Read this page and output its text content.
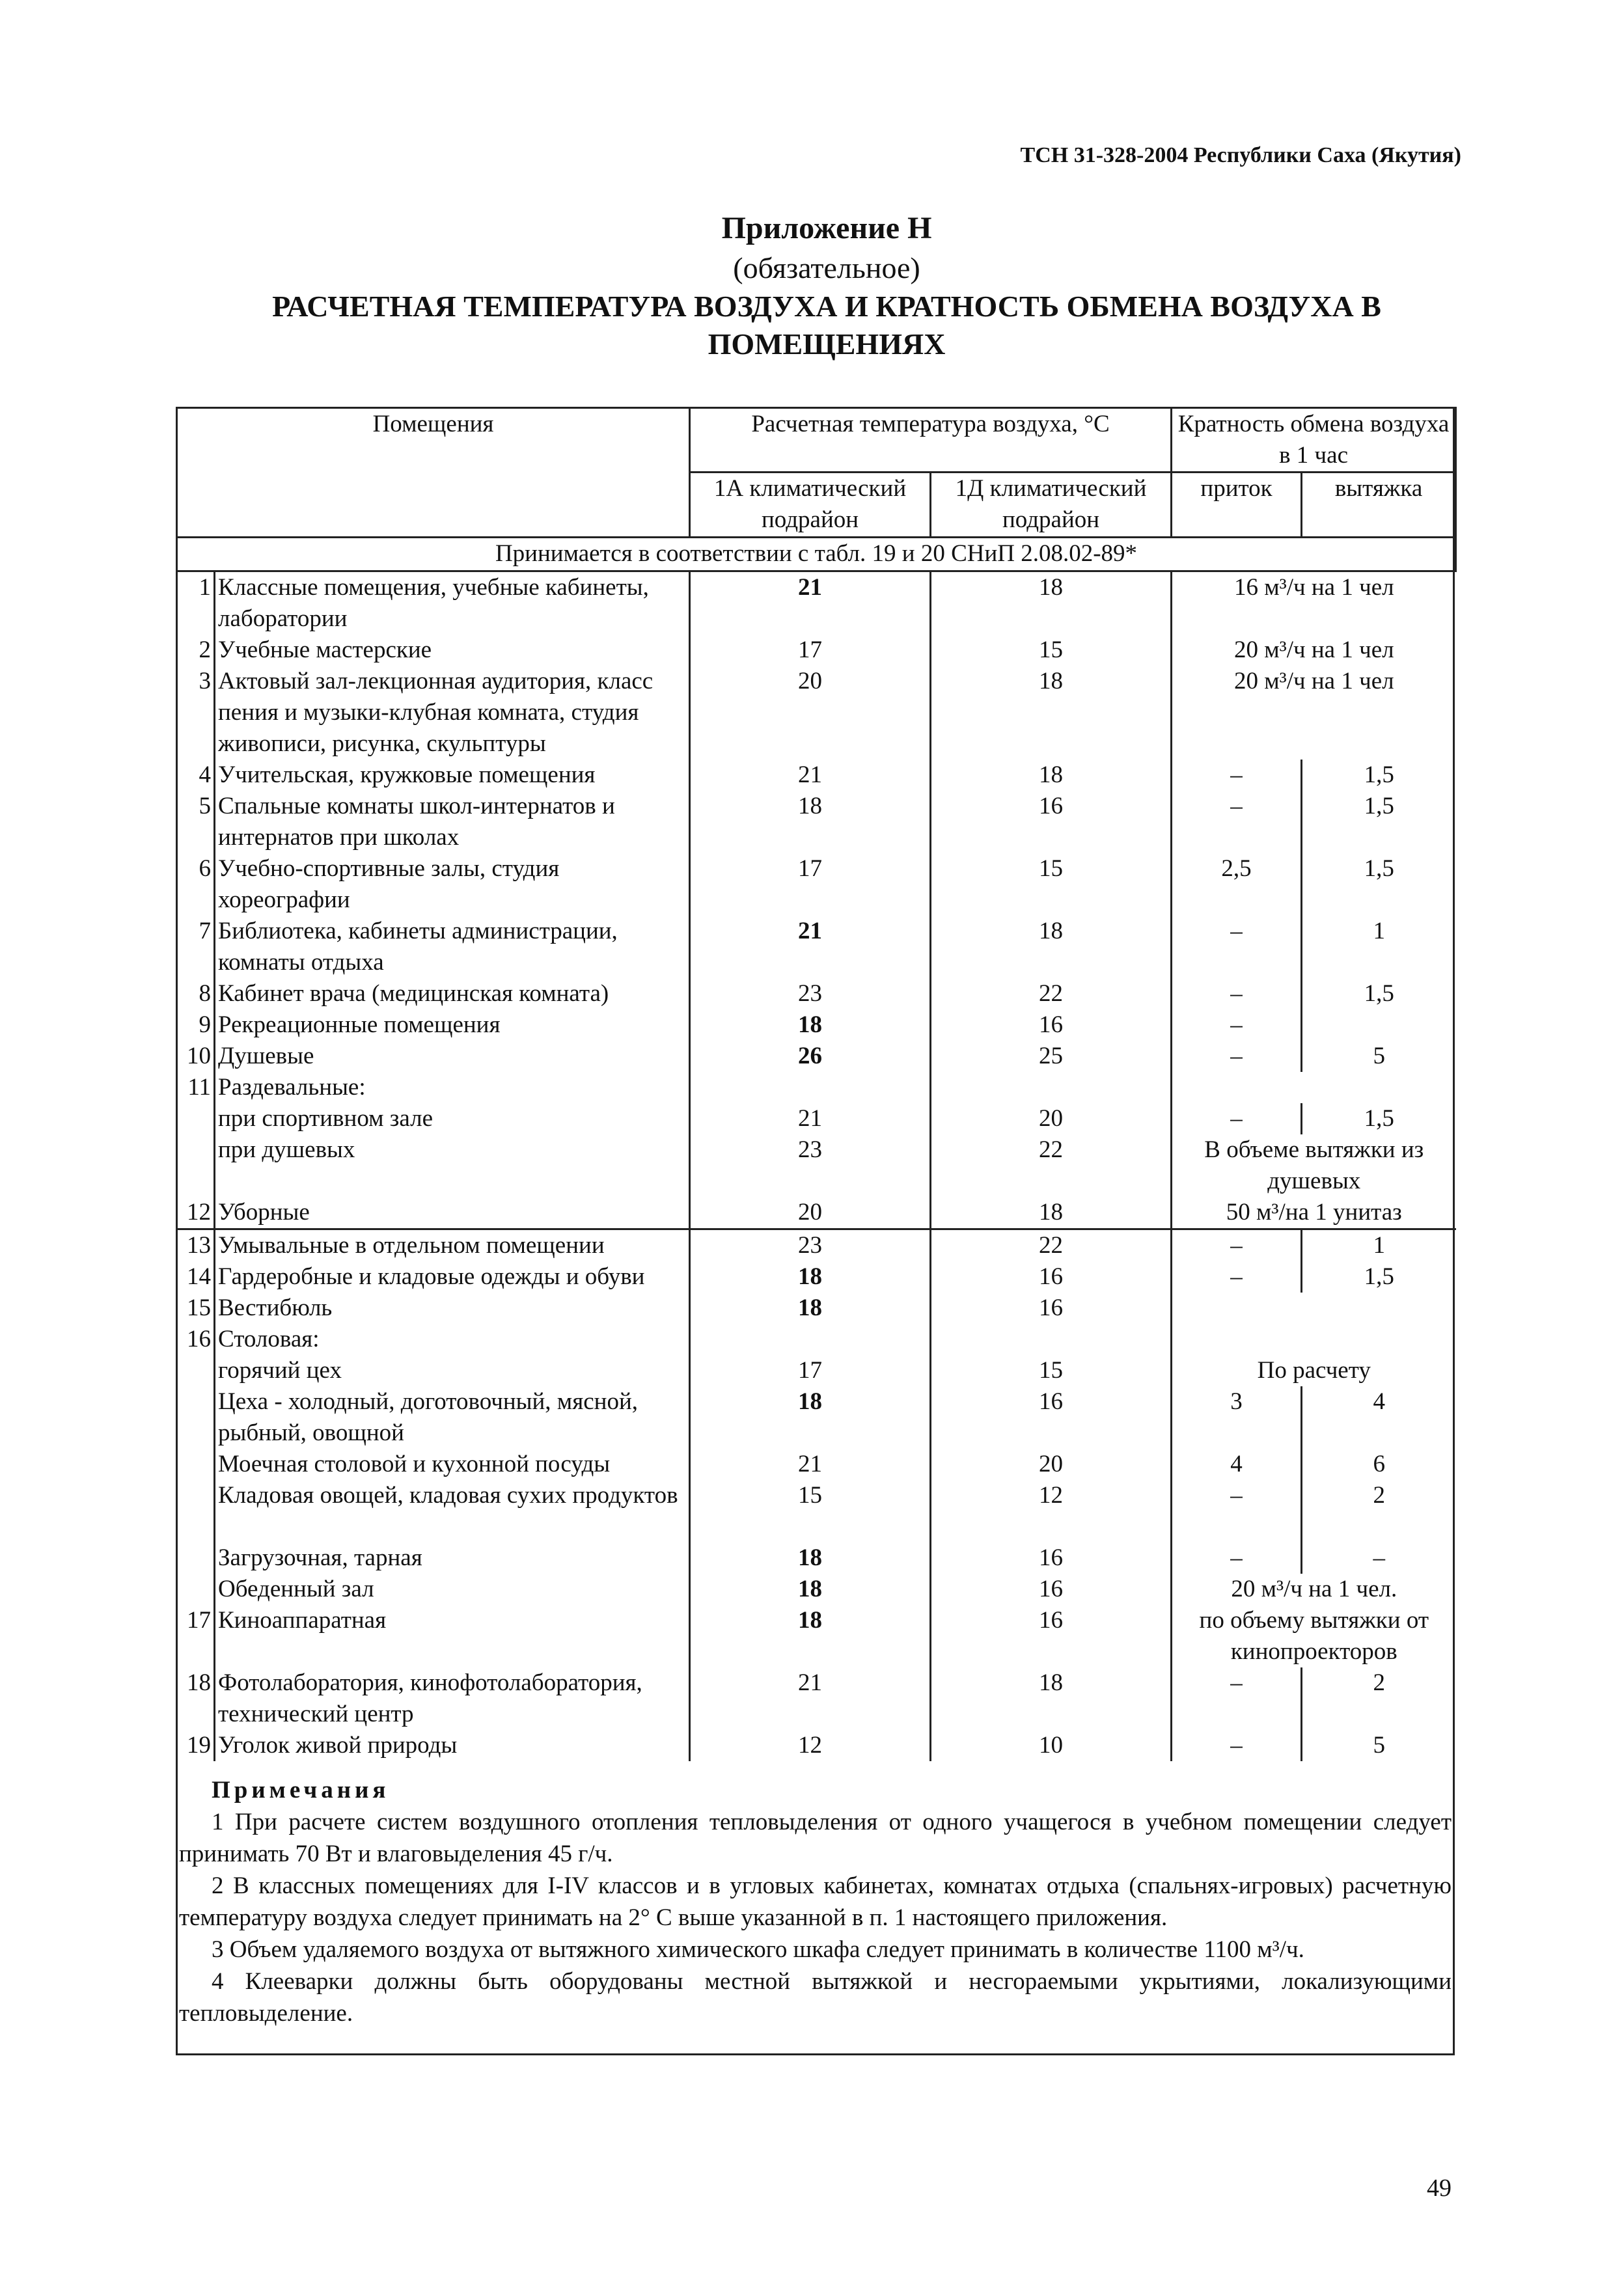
ТСН 31-328-2004 Республики Саха (Якутия)
Приложение Н
(обязательное)
РАСЧЕТНАЯ ТЕМПЕРАТУРА ВОЗДУХА И КРАТНОСТЬ ОБМЕНА ВОЗДУХА В
ПОМЕЩЕНИЯХ
Помещения		Расчетная температура воздуха, °С		Кратность обмена воздуха в 1 час	
		1А климатический подрайон	1Д климатический подрайон	приток	вытяжка
Принимается в соответствии с табл. 19 и 20 СНиП 2.08.02-89*					
1	Классные помещения, учебные кабинеты, лаборатории	21	18	16 м³/ч на 1 чел	
2	Учебные мастерские	17	15	20 м³/ч на 1 чел	
3	Актовый зал-лекционная аудитория, класс пения и музыки-клубная комната, студия живописи, рисунка, скульптуры	20	18	20 м³/ч на 1 чел	
4	Учительская, кружковые помещения	21	18	–	1,5
5	Спальные комнаты школ-интернатов и интернатов при школах	18	16	–	1,5
6	Учебно-спортивные залы, студия хореографии	17	15	2,5	1,5
7	Библиотека, кабинеты администрации, комнаты отдыха	21	18	–	1
8	Кабинет врача (медицинская комната)	23	22	–	1,5
9	Рекреационные помещения	18	16	–	
10	Душевые	26	25	–	5
11	Раздевальные:				
	при спортивном зале	21	20	–	1,5
	при душевых	23	22	В объеме вытяжки из душевых	
12	Уборные	20	18	50 м³/на 1 унитаз	
13	Умывальные в отдельном помещении	23	22	–	1
14	Гардеробные и кладовые одежды и обуви	18	16	–	1,5
15	Вестибюль	18	16		
16	Столовая:				
	горячий цех	17	15	По расчету	
	Цеха - холодный, доготовочный, мясной, рыбный, овощной	18	16	3	4
	Моечная столовой и кухонной посуды	21	20	4	6
	Кладовая овощей, кладовая сухих продуктов	15	12	–	2
	Загрузочная, тарная	18	16	–	–
	Обеденный зал	18	16	20 м³/ч на 1 чел.	
17	Киноаппаратная	18	16	по объему вытяжки от кинопроекторов	
18	Фотолаборатория, кинофотолаборатория, технический центр	21	18	–	2
19	Уголок живой природы	12	10	–	5

Примечания

1 При расчете систем воздушного отопления тепловыделения от одного учащегося в учебном помещении следует принимать 70 Вт и влаговыделения 45 г/ч.

2 В классных помещениях для I-IV классов и в угловых кабинетах, комнатах отдыха (спальнях-игровых) расчетную температуру воздуха следует принимать на 2° С выше указанной в п. 1 настоящего приложения.

3 Объем удаляемого воздуха от вытяжного химического шкафа следует принимать в количестве 1100 м³/ч.

4 Клееварки должны быть оборудованы местной вытяжкой и несгораемыми укрытиями, локализующими тепловыделение.

49
